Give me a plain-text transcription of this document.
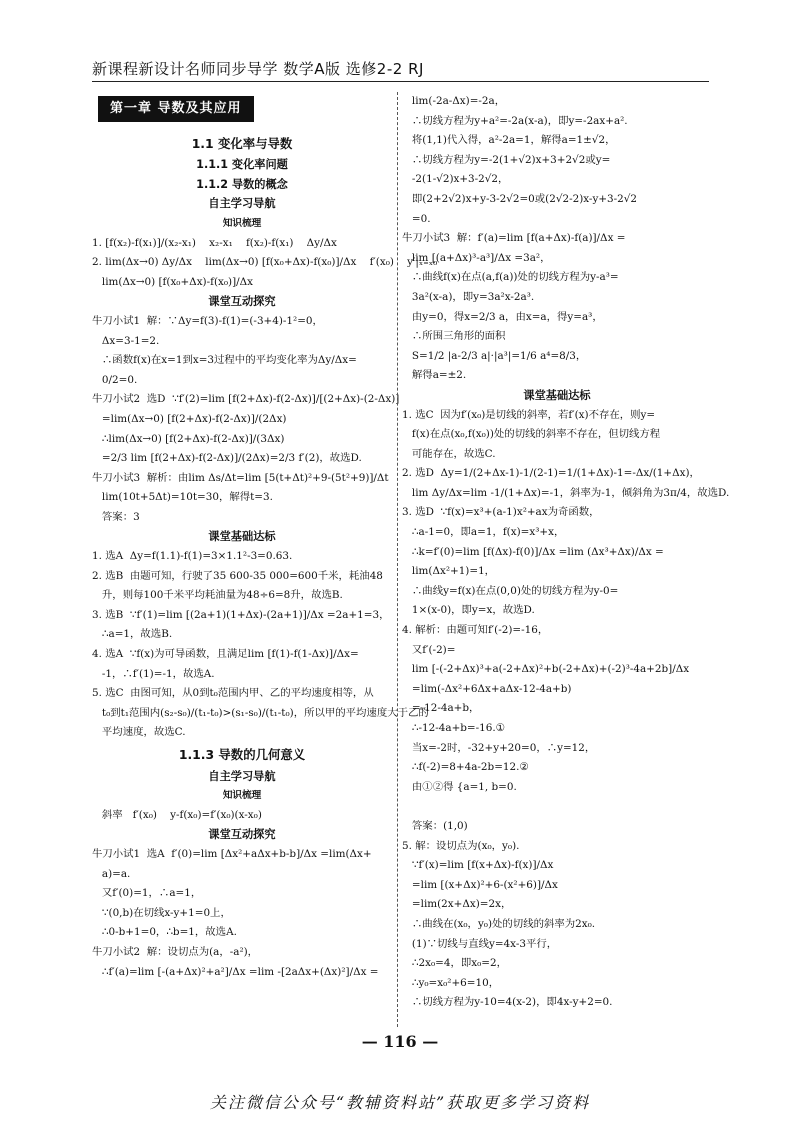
新课程新设计名师同步导学 数学A版 选修2-2 RJ
第一章 导数及其应用
1.1 变化率与导数
1.1.1 变化率问题
1.1.2 导数的概念
自主学习导航
知识梳理
1. [f(x₂)-f(x₁)]/(x₂-x₁)    x₂-x₁    f(x₂)-f(x₁)    Δy/Δx
2. lim(Δx→0) Δy/Δx    lim(Δx→0) [f(x₀+Δx)-f(x₀)]/Δx    f′(x₀)    y′|ₓ₌ₓ₀
lim(Δx→0) [f(x₀+Δx)-f(x₀)]/Δx
课堂互动探究
牛刀小试1  解：∵Δy=f(3)-f(1)=(-3+4)-1²=0，
Δx=3-1=2.
∴函数f(x)在x=1到x=3过程中的平均变化率为Δy/Δx=
0/2=0.
牛刀小试2  选D  ∵f′(2)=lim [f(2+Δx)-f(2-Δx)]/[(2+Δx)-(2-Δx)]
=lim(Δx→0) [f(2+Δx)-f(2-Δx)]/(2Δx)
∴lim(Δx→0) [f(2+Δx)-f(2-Δx)]/(3Δx)
=2/3 lim [f(2+Δx)-f(2-Δx)]/(2Δx)=2/3 f′(2)，故选D.
牛刀小试3  解析：由lim Δs/Δt=lim [5(t+Δt)²+9-(5t²+9)]/Δt
lim(10t+5Δt)=10t=30，解得t=3.
答案：3
课堂基础达标
1. 选A  Δy=f(1.1)-f(1)=3×1.1²-3=0.63.
2. 选B  由题可知，行驶了35 600-35 000=600千米，耗油48
升，则每100千米平均耗油量为48÷6=8升，故选B.
3. 选B  ∵f′(1)=lim [(2a+1)(1+Δx)-(2a+1)]/Δx =2a+1=3，
∴a=1，故选B.
4. 选A  ∵f(x)为可导函数，且满足lim [f(1)-f(1-Δx)]/Δx=
-1，∴f′(1)=-1，故选A.
5. 选C  由图可知，从0到t₀范围内甲、乙的平均速度相等，从
t₀到t₁范围内(s₂-s₀)/(t₁-t₀)>(s₁-s₀)/(t₁-t₀)，所以甲的平均速度大于乙的
平均速度，故选C.
1.1.3 导数的几何意义
自主学习导航
知识梳理
斜率   f′(x₀)    y-f(x₀)=f′(x₀)(x-x₀)
课堂互动探究
牛刀小试1  选A  f′(0)=lim [Δx²+aΔx+b-b]/Δx =lim(Δx+
a)=a.
又f′(0)=1，∴a=1，
∵(0,b)在切线x-y+1=0上，
∴0-b+1=0，∴b=1，故选A.
牛刀小试2  解：设切点为(a，-a²)，
∴f′(a)=lim [-(a+Δx)²+a²]/Δx =lim -[2aΔx+(Δx)²]/Δx =
lim(-2a-Δx)=-2a，
∴切线方程为y+a²=-2a(x-a)，即y=-2ax+a².
将(1,1)代入得，a²-2a=1，解得a=1±√2，
∴切线方程为y=-2(1+√2)x+3+2√2或y=
-2(1-√2)x+3-2√2，
即(2+2√2)x+y-3-2√2=0或(2√2-2)x-y+3-2√2
=0.
牛刀小试3  解：f′(a)=lim [f(a+Δx)-f(a)]/Δx =
lim [(a+Δx)³-a³]/Δx =3a²，
∴曲线f(x)在点(a,f(a))处的切线方程为y-a³=
3a²(x-a)，即y=3a²x-2a³.
由y=0，得x=2/3 a，由x=a，得y=a³，
∴所围三角形的面积
S=1/2 |a-2/3 a|·|a³|=1/6 a⁴=8/3，
解得a=±2.
课堂基础达标
1. 选C  因为f′(x₀)是切线的斜率，若f′(x)不存在，则y=
f(x)在点(x₀,f(x₀))处的切线的斜率不存在，但切线方程
可能存在，故选C.
2. 选D  Δy=1/(2+Δx-1)-1/(2-1)=1/(1+Δx)-1=-Δx/(1+Δx)，
lim Δy/Δx=lim -1/(1+Δx)=-1，斜率为-1，倾斜角为3π/4，故选D.
3. 选D  ∵f(x)=x³+(a-1)x²+ax为奇函数，
∴a-1=0，即a=1，f(x)=x³+x，
∴k=f′(0)=lim [f(Δx)-f(0)]/Δx =lim (Δx³+Δx)/Δx =
lim(Δx²+1)=1，
∴曲线y=f(x)在点(0,0)处的切线方程为y-0=
1×(x-0)，即y=x，故选D.
4. 解析：由题可知f′(-2)=-16，
又f′(-2)=
lim [-(-2+Δx)³+a(-2+Δx)²+b(-2+Δx)+(-2)³-4a+2b]/Δx
=lim(-Δx²+6Δx+aΔx-12-4a+b)
=-12-4a+b，
∴-12-4a+b=-16.①
当x=-2时，-32+y+20=0，∴y=12，
∴f(-2)=8+4a-2b=12.②
由①②得 {a=1, b=0.

答案：(1,0)
5. 解：设切点为(x₀，y₀).
∵f′(x)=lim [f(x+Δx)-f(x)]/Δx
=lim [(x+Δx)²+6-(x²+6)]/Δx
=lim(2x+Δx)=2x，
∴曲线在(x₀，y₀)处的切线的斜率为2x₀.
(1)∵切线与直线y=4x-3平行，
∴2x₀=4，即x₀=2，
∴y₀=x₀²+6=10，
∴切线方程为y-10=4(x-2)，即4x-y+2=0.
— 116 —
关注微信公众号“教辅资料站”获取更多学习资料
